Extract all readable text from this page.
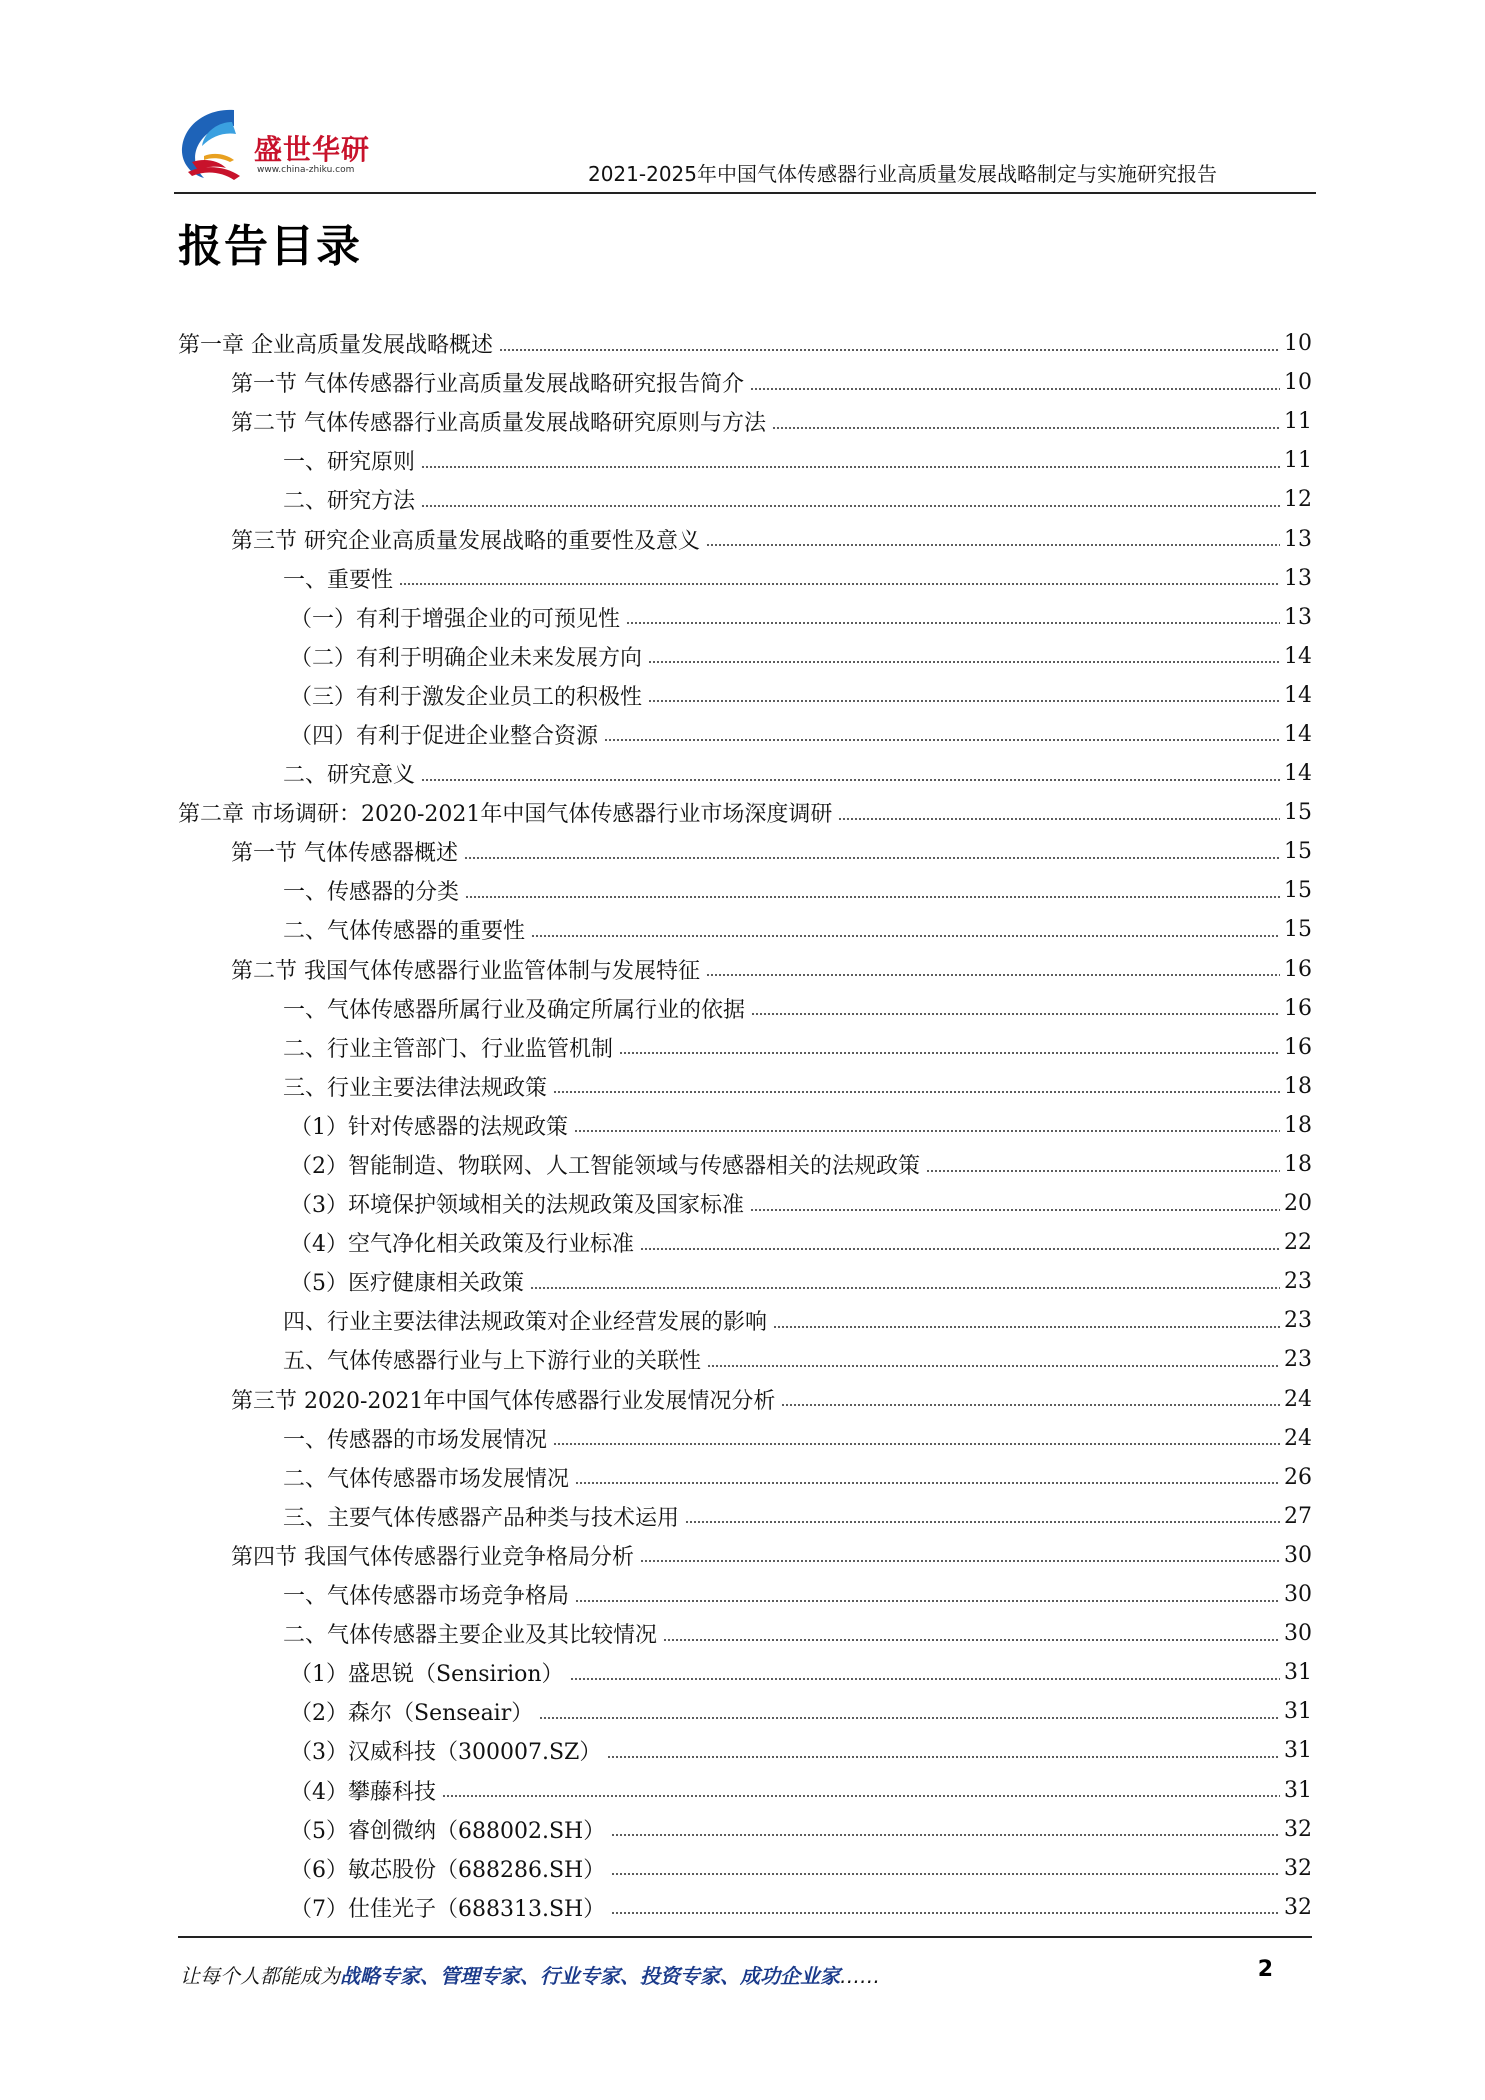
盛世华研
www.china-zhiku.com	2021-2025年中国气体传感器行业高质量发展战略制定与实施研究报告
报告目录
第一章 企业高质量发展战略概述	10
第一节 气体传感器行业高质量发展战略研究报告简介	10
第二节 气体传感器行业高质量发展战略研究原则与方法	11
一、研究原则	11
二、研究方法	12
第三节 研究企业高质量发展战略的重要性及意义	13
一、重要性	13
（一）有利于增强企业的可预见性	13
（二）有利于明确企业未来发展方向	14
（三）有利于激发企业员工的积极性	14
（四）有利于促进企业整合资源	14
二、研究意义	14
第二章 市场调研：2020-2021年中国气体传感器行业市场深度调研	15
第一节 气体传感器概述	15
一、传感器的分类	15
二、气体传感器的重要性	15
第二节 我国气体传感器行业监管体制与发展特征	16
一、气体传感器所属行业及确定所属行业的依据	16
二、行业主管部门、行业监管机制	16
三、行业主要法律法规政策	18
（1）针对传感器的法规政策	18
（2）智能制造、物联网、人工智能领域与传感器相关的法规政策	18
（3）环境保护领域相关的法规政策及国家标准	20
（4）空气净化相关政策及行业标准	22
（5）医疗健康相关政策	23
四、行业主要法律法规政策对企业经营发展的影响	23
五、气体传感器行业与上下游行业的关联性	23
第三节 2020-2021年中国气体传感器行业发展情况分析	24
一、传感器的市场发展情况	24
二、气体传感器市场发展情况	26
三、主要气体传感器产品种类与技术运用	27
第四节 我国气体传感器行业竞争格局分析	30
一、气体传感器市场竞争格局	30
二、气体传感器主要企业及其比较情况	30
（1）盛思锐（Sensirion）	31
（2）森尔（Senseair）	31
（3）汉威科技（300007.SZ）	31
（4）攀藤科技	31
（5）睿创微纳（688002.SH）	32
（6）敏芯股份（688286.SH）	32
（7）仕佳光子（688313.SH）	32
让每个人都能成为战略专家、管理专家、行业专家、投资专家、成功企业家……	2
